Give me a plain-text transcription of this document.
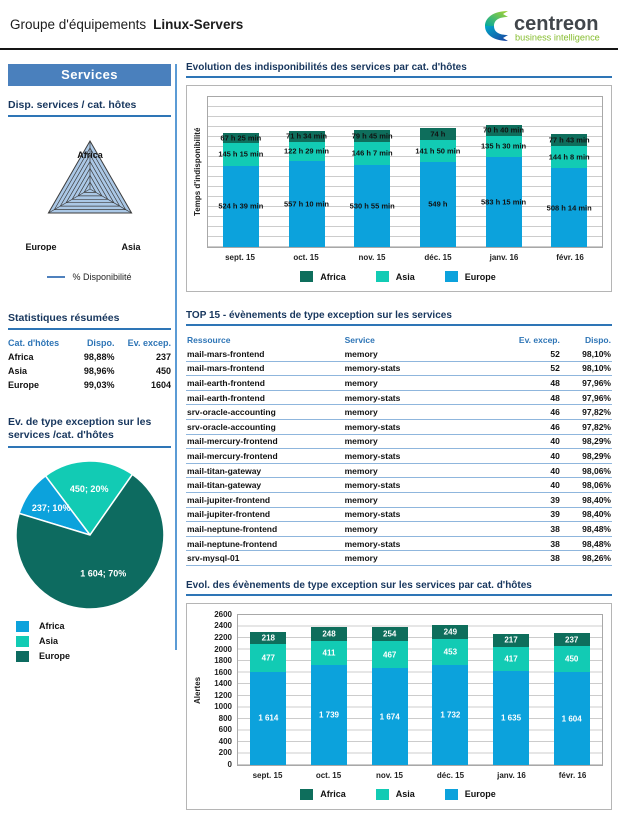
Groupe d'équipements Linux-Servers	centreon
business intelligence
Services
Disp. services / cat. hôtes
Africa
Europe	Asia
% Disponibilité
Statistiques résumées
Cat. d'hôtes	Dispo.	Ev. excep.
Africa	98,88%	237
Asia	98,96%	450
Europe	99,03%	1604
Ev. de type exception sur les services /cat. d'hôtes
450; 20%
237; 10%
1 604; 70%
Africa
Asia
Europe
Evolution des indisponibilités des services par cat. d'hôtes
Temps d'indisponibilité	67 h 25 min
145 h 15 min
524 h 39 min
71 h 34 min
122 h 29 min
557 h 10 min
79 h 45 min
146 h 7 min
530 h 55 min
74 h
141 h 50 min
549 h
70 h 40 min
135 h 30 min
583 h 15 min
77 h 43 min
144 h 8 min
508 h 14 min
sept. 15	oct. 15	nov. 15	déc. 15	janv. 16	févr. 16
Africa	Asia	Europe
TOP 15 - évènements de type exception sur les services
Ressource	Service	Ev. excep.	Dispo.
mail-mars-frontend	memory	52	98,10%
mail-mars-frontend	memory-stats	52	98,10%
mail-earth-frontend	memory	48	97,96%
mail-earth-frontend	memory-stats	48	97,96%
srv-oracle-accounting	memory	46	97,82%
srv-oracle-accounting	memory-stats	46	97,82%
mail-mercury-frontend	memory	40	98,29%
mail-mercury-frontend	memory-stats	40	98,29%
mail-titan-gateway	memory	40	98,06%
mail-titan-gateway	memory-stats	40	98,06%
mail-jupiter-frontend	memory	39	98,40%
mail-jupiter-frontend	memory-stats	39	98,40%
mail-neptune-frontend	memory	38	98,48%
mail-neptune-frontend	memory-stats	38	98,48%
srv-mysql-01	memory	38	98,26%
Evol. des évènements de type exception sur les services par cat. d'hôtes
Alertes
2600
2400
2200
2000
1800
1600
1400
1200
1000
800
600
400
200
0
218
477
1 614
248
411
1 739
254
467
1 674
249
453
1 732
217
417
1 635
237
450
1 604
sept. 15	oct. 15	nov. 15	déc. 15	janv. 16	févr. 16
Africa	Asia	Europe
